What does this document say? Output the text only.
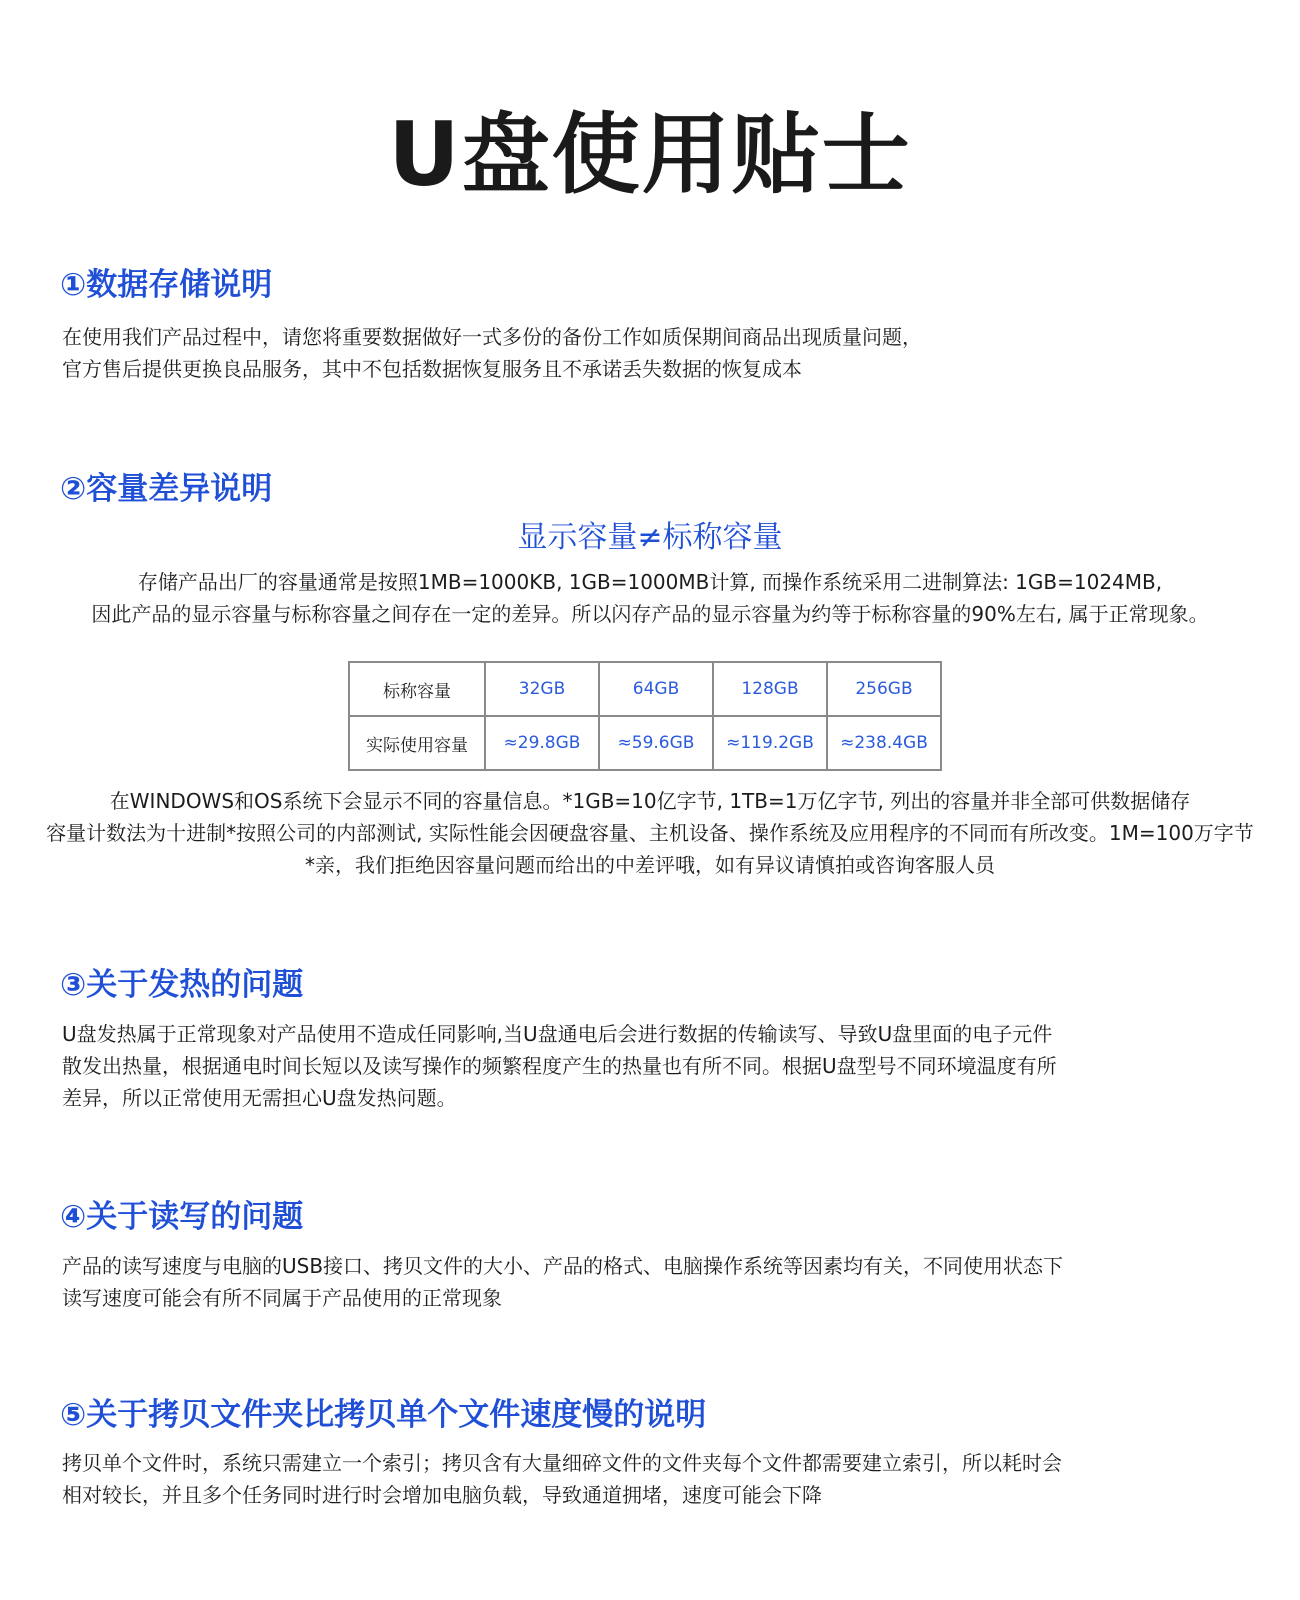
U盘使用贴士
①数据存储说明
在使用我们产品过程中，请您将重要数据做好一式多份的备份工作如质保期间商品出现质量问题，
官方售后提供更换良品服务，其中不包括数据恢复服务且不承诺丢失数据的恢复成本
②容量差异说明
显示容量≠标称容量
存储产品出厂的容量通常是按照1MB=1000KB, 1GB=1000MB计算, 而操作系统采用二进制算法: 1GB=1024MB,
因此产品的显示容量与标称容量之间存在一定的差异。所以闪存产品的显示容量为约等于标称容量的90%左右, 属于正常现象。
标称容量	32GB	64GB	128GB	256GB
实际使用容量	≈29.8GB	≈59.6GB	≈119.2GB	≈238.4GB
在WINDOWS和OS系统下会显示不同的容量信息。*1GB=10亿字节, 1TB=1万亿字节, 列出的容量并非全部可供数据储存
容量计数法为十进制*按照公司的内部测试, 实际性能会因硬盘容量、主机设备、操作系统及应用程序的不同而有所改变。1M=100万字节
*亲，我们拒绝因容量问题而给出的中差评哦，如有异议请慎拍或咨询客服人员
③关于发热的问题
U盘发热属于正常现象对产品使用不造成任同影响,当U盘通电后会进行数据的传输读写、导致U盘里面的电子元件
散发出热量，根据通电时间长短以及读写操作的频繁程度产生的热量也有所不同。根据U盘型号不同环境温度有所
差异，所以正常使用无需担心U盘发热问题。
④关于读写的问题
产品的读写速度与电脑的USB接口、拷贝文件的大小、产品的格式、电脑操作系统等因素均有关，不同使用状态下
读写速度可能会有所不同属于产品使用的正常现象
⑤关于拷贝文件夹比拷贝单个文件速度慢的说明
拷贝单个文件时，系统只需建立一个索引；拷贝含有大量细碎文件的文件夹每个文件都需要建立索引，所以耗时会
相对较长，并且多个任务同时进行时会增加电脑负载，导致通道拥堵，速度可能会下降
